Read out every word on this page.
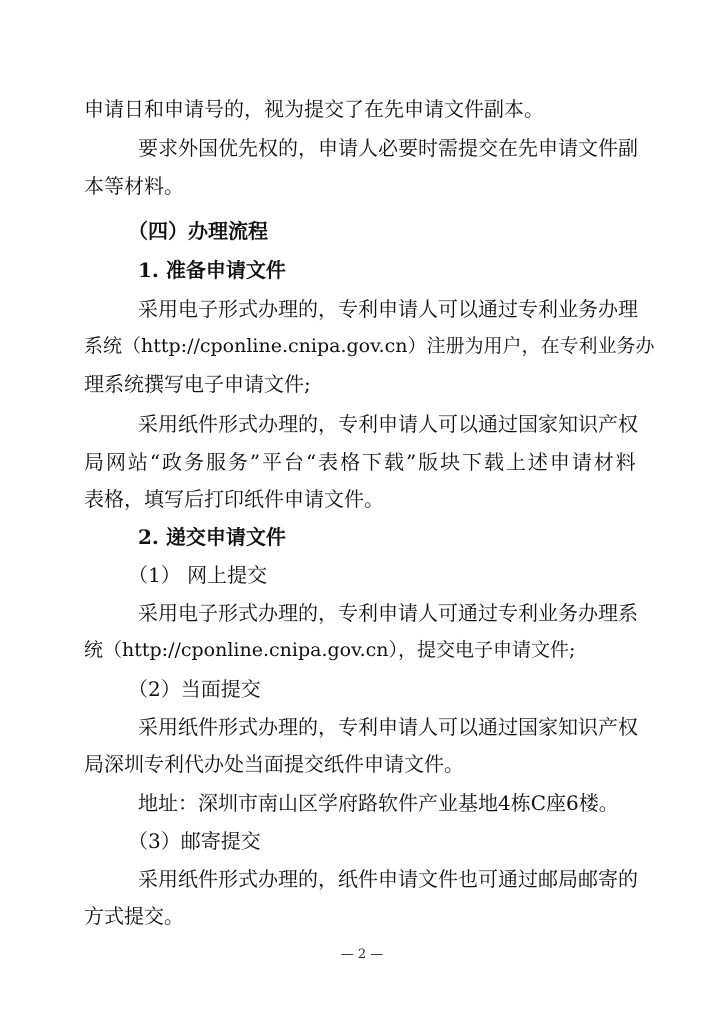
申请日和申请号的，视为提交了在先申请文件副本。
要 求 外 国 优 先 权 的 ， 申 请 人 必 要 时 需 提 交 在 先 申 请 文 件 副
本等材料。
（四）办理流程
1. 准备申请文件
采 用 电 子 形 式 办 理 的 ， 专 利 申 请 人 可 以 通 过 专 利 业 务 办 理
系统（http://cponline.cnipa.gov.cn）注册为用户，在专利业务办
理系统撰写电子申请文件;
采 用 纸 件 形 式 办 理 的 ， 专 利 申 请 人 可 以 通 过 国 家 知 识 产 权
局 网 站 “ 政 务 服 务 ” 平 台 “ 表 格 下 载 ” 版 块 下 载 上 述 申 请 材 料
表格，填写后打印纸件申请文件。
2. 递交申请文件
（1） 网上提交
采 用 电 子 形 式 办 理 的 ， 专 利 申 请 人 可 通 过 专 利 业 务 办 理 系
统（http://cponline.cnipa.gov.cn），提交电子申请文件;
（2）当面提交
采 用 纸 件 形 式 办 理 的 ， 专 利 申 请 人 可 以 通 过 国 家 知 识 产 权
局深圳专利代办处当面提交纸件申请文件。
地址：深圳市南山区学府路软件产业基地4栋C座6楼。
（3）邮寄提交
采 用 纸 件 形 式 办 理 的 ， 纸 件 申 请 文 件 也 可 通 过 邮 局 邮 寄 的
方式提交。
— 2 —
